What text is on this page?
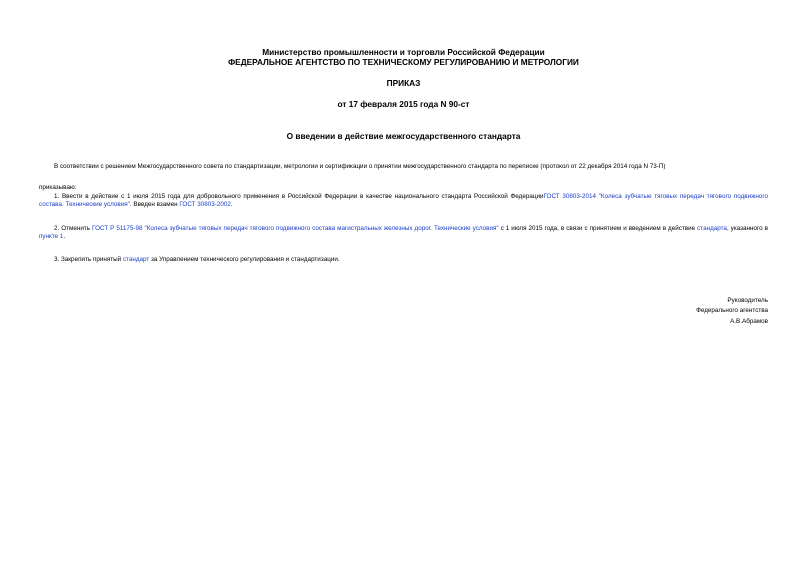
Министерство промышленности и торговли Российской Федерации
ФЕДЕРАЛЬНОЕ АГЕНТСТВО ПО ТЕХНИЧЕСКОМУ РЕГУЛИРОВАНИЮ И МЕТРОЛОГИИ
ПРИКАЗ
от 17 февраля 2015 года N 90-ст
О введении в действие межгосударственного стандарта
В соответствии с решением Межгосударственного совета по стандартизации, метрологии и сертификации о принятии межгосударственного стандарта по переписке (протокол от 22 декабря 2014 года N 73-П)
приказываю:
1. Ввести в действие с 1 июля 2015 года для добровольного применения в Российской Федерации в качестве национального стандарта Российской ФедерацииГОСТ 30803-2014 "Колеса зубчатые тяговых передач тягового подвижного состава. Технические условия". Введен взамен ГОСТ 30803-2002.
2. Отменить ГОСТ Р 51175-98 "Колеса зубчатые тяговых передач тягового подвижного состава магистральных железных дорог. Технические условия" с 1 июля 2015 года, в связи с принятием и введением в действие стандарта, указанного в пункте 1.
3. Закрепить принятый стандарт за Управлением технического регулирования и стандартизации.
Руководитель
Федерального агентства
А.В.Абрамов
